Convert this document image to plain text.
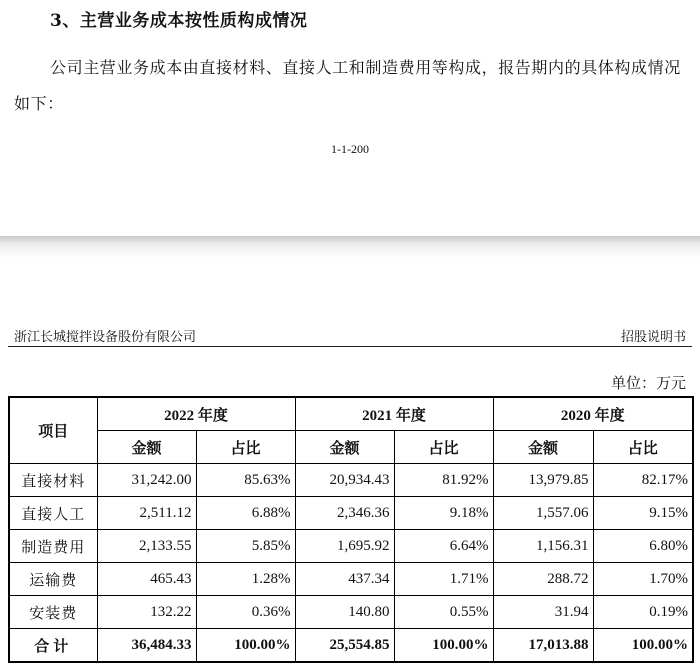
3、主营业务成本按性质构成情况
公司主营业务成本由直接材料、直接人工和制造费用等构成，报告期内的具体构成情况如下：
1-1-200
浙江长城搅拌设备股份有限公司	招股说明书
单位：万元
项目	2022 年度		2021 年度		2020 年度	
	金额	占比	金额	占比	金额	占比
直接材料	31,242.00	85.63%	20,934.43	81.92%	13,979.85	82.17%
直接人工	2,511.12	6.88%	2,346.36	9.18%	1,557.06	9.15%
制造费用	2,133.55	5.85%	1,695.92	6.64%	1,156.31	6.80%
运输费	465.43	1.28%	437.34	1.71%	288.72	1.70%
安装费	132.22	0.36%	140.80	0.55%	31.94	0.19%
合计	36,484.33	100.00%	25,554.85	100.00%	17,013.88	100.00%
